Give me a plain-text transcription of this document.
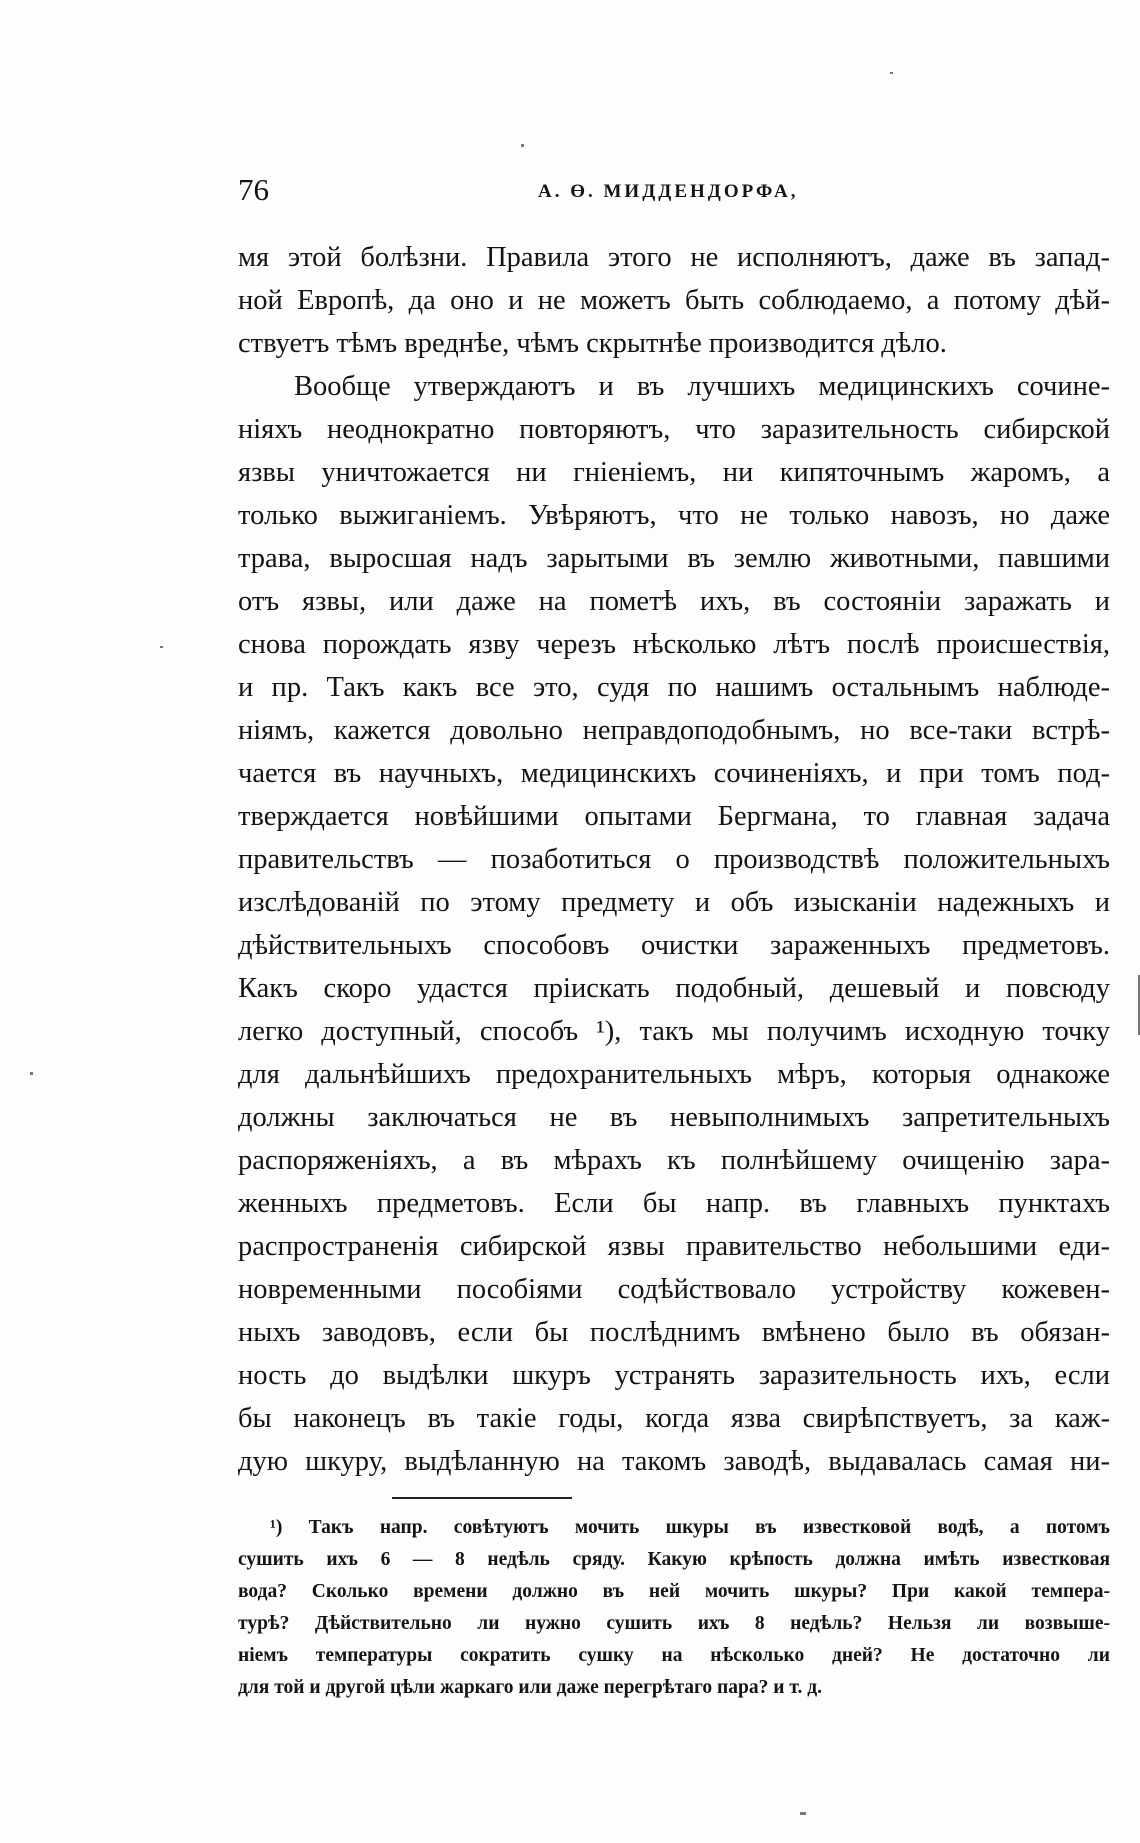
76	А. Ө. МИДДЕНДОРФА,
мя этой болѣзни. Правила этого не исполняютъ, даже въ запад-
ной Европѣ, да оно и не можетъ быть соблюдаемо, а потому дѣй-
ствуетъ тѣмъ вреднѣе, чѣмъ скрытнѣе производится дѣло.
Вообще утверждаютъ и въ лучшихъ медицинскихъ сочине-
ніяхъ неоднократно повторяютъ, что заразительность сибирской
язвы уничтожается ни гніеніемъ, ни кипяточнымъ жаромъ, а
только выжиганіемъ. Увѣряютъ, что не только навозъ, но даже
трава, выросшая надъ зарытыми въ землю животными, павшими
отъ язвы, или даже на пометѣ ихъ, въ состояніи заражать и
снова порождать язву черезъ нѣсколько лѣтъ послѣ происшествія,
и пр. Такъ какъ все это, судя по нашимъ остальнымъ наблюде-
ніямъ, кажется довольно неправдоподобнымъ, но все-таки встрѣ-
чается въ научныхъ, медицинскихъ сочиненіяхъ, и при томъ под-
тверждается новѣйшими опытами Бергмана, то главная задача
правительствъ — позаботиться о производствѣ положительныхъ
изслѣдованій по этому предмету и объ изысканіи надежныхъ и
дѣйствительныхъ способовъ очистки зараженныхъ предметовъ.
Какъ скоро удастся пріискать подобный, дешевый и повсюду
легко доступный, способъ ¹), такъ мы получимъ исходную точку
для дальнѣйшихъ предохранительныхъ мѣръ, которыя однакоже
должны заключаться не въ невыполнимыхъ запретительныхъ
распоряженіяхъ, а въ мѣрахъ къ полнѣйшему очищенію зара-
женныхъ предметовъ. Если бы напр. въ главныхъ пунктахъ
распространенія сибирской язвы правительство небольшими еди-
новременными пособіями содѣйствовало устройству кожевен-
ныхъ заводовъ, если бы послѣднимъ вмѣнено было въ обязан-
ность до выдѣлки шкуръ устранять заразительность ихъ, если
бы наконецъ въ такіе годы, когда язва свирѣпствуетъ, за каж-
дую шкуру, выдѣланную на такомъ заводѣ, выдавалась самая ни-
¹) Такъ напр. совѣтуютъ мочить шкуры въ известковой водѣ, а потомъ
сушить ихъ 6 — 8 недѣль сряду. Какую крѣпость должна имѣть известковая
вода? Сколько времени должно въ ней мочить шкуры? При какой темпера-
турѣ? Дѣйствительно ли нужно сушить ихъ 8 недѣль? Нельзя ли возвыше-
ніемъ температуры сократить сушку на нѣсколько дней? Не достаточно ли
для той и другой цѣли жаркаго или даже перегрѣтаго пара? и т. д.
